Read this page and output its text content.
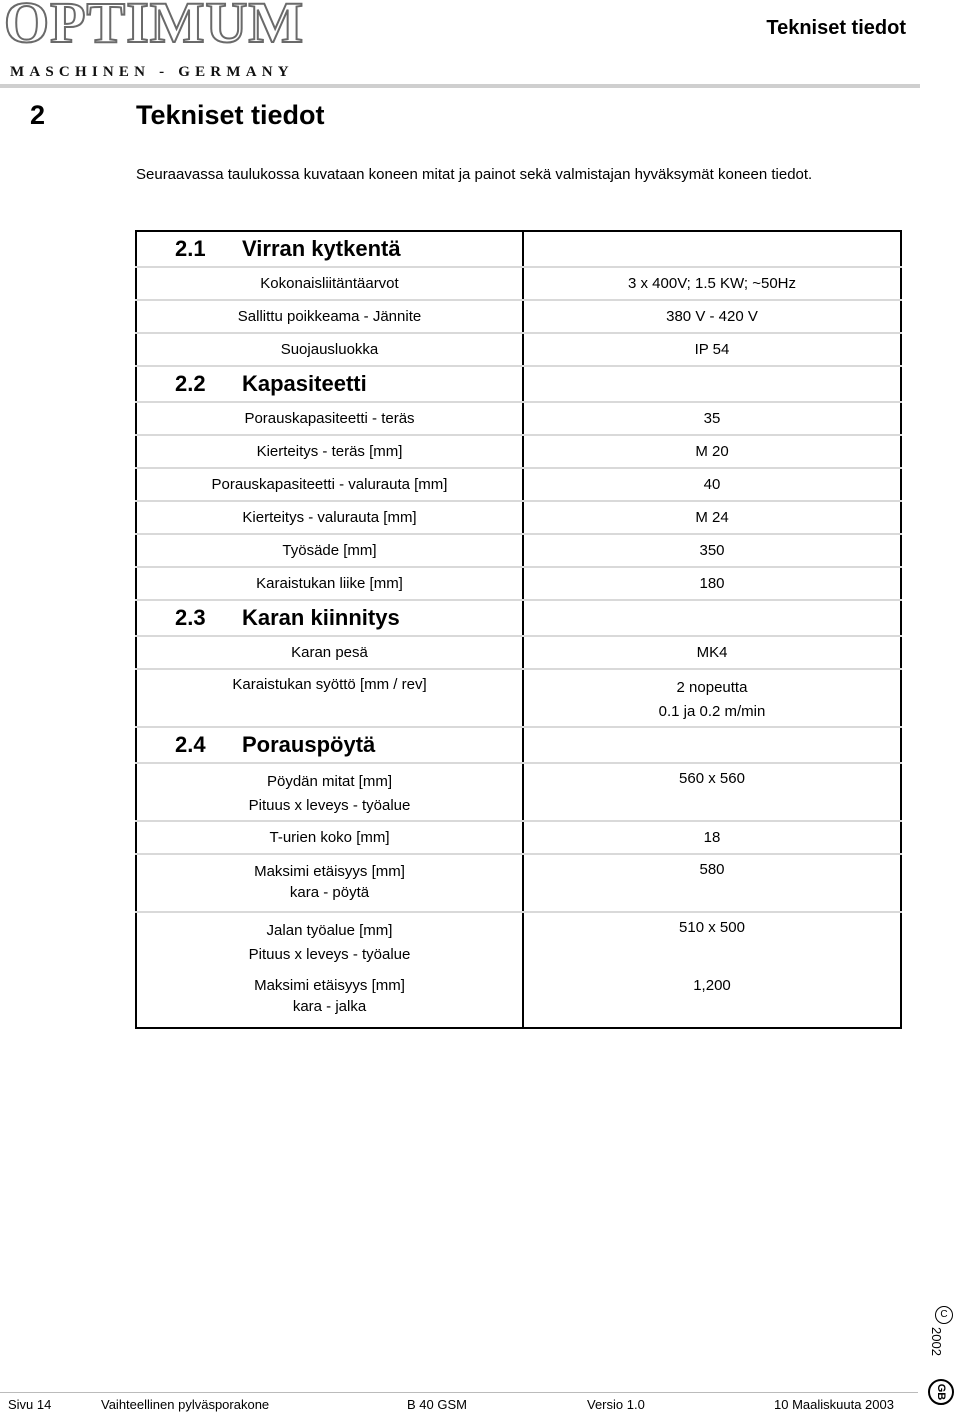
OPTIMUM
MASCHINEN - GERMANY
Tekniset tiedot
2	Tekniset tiedot
Seuraavassa taulukossa kuvataan koneen mitat ja painot sekä valmistajan hyväksymät koneen tiedot.
2.1 Virran kytkentä	
Kokonaisliitäntäarvot	3 x 400V; 1.5 KW; ~50Hz
Sallittu poikkeama - Jännite	380 V - 420 V
Suojausluokka	IP 54
2.2 Kapasiteetti	
Porauskapasiteetti - teräs	35
Kierteitys - teräs [mm]	M 20
Porauskapasiteetti - valurauta [mm]	40
Kierteitys - valurauta [mm]	M 24
Työsäde [mm]	350
Karaistukan liike [mm]	180
2.3 Karan kiinnitys	
Karan pesä	MK4
Karaistukan syöttö [mm / rev]	2 nopeutta
0.1 ja 0.2 m/min

2.4 Porauspöytä	

Pöydän mitat [mm]
Pituus x leveys - työalue	560 x 560
T-urien koko [mm]	18

Maksimi etäisyys [mm]
kara - pöytä	580

Jalan työalue [mm]
Pituus x leveys - työalue	510 x 500

Maksimi etäisyys [mm]
kara - jalka	1,200
C
2002
GB
Sivu 14	Vaihteellinen pylväsporakone	B 40 GSM	Versio 1.0	10 Maaliskuuta 2003
